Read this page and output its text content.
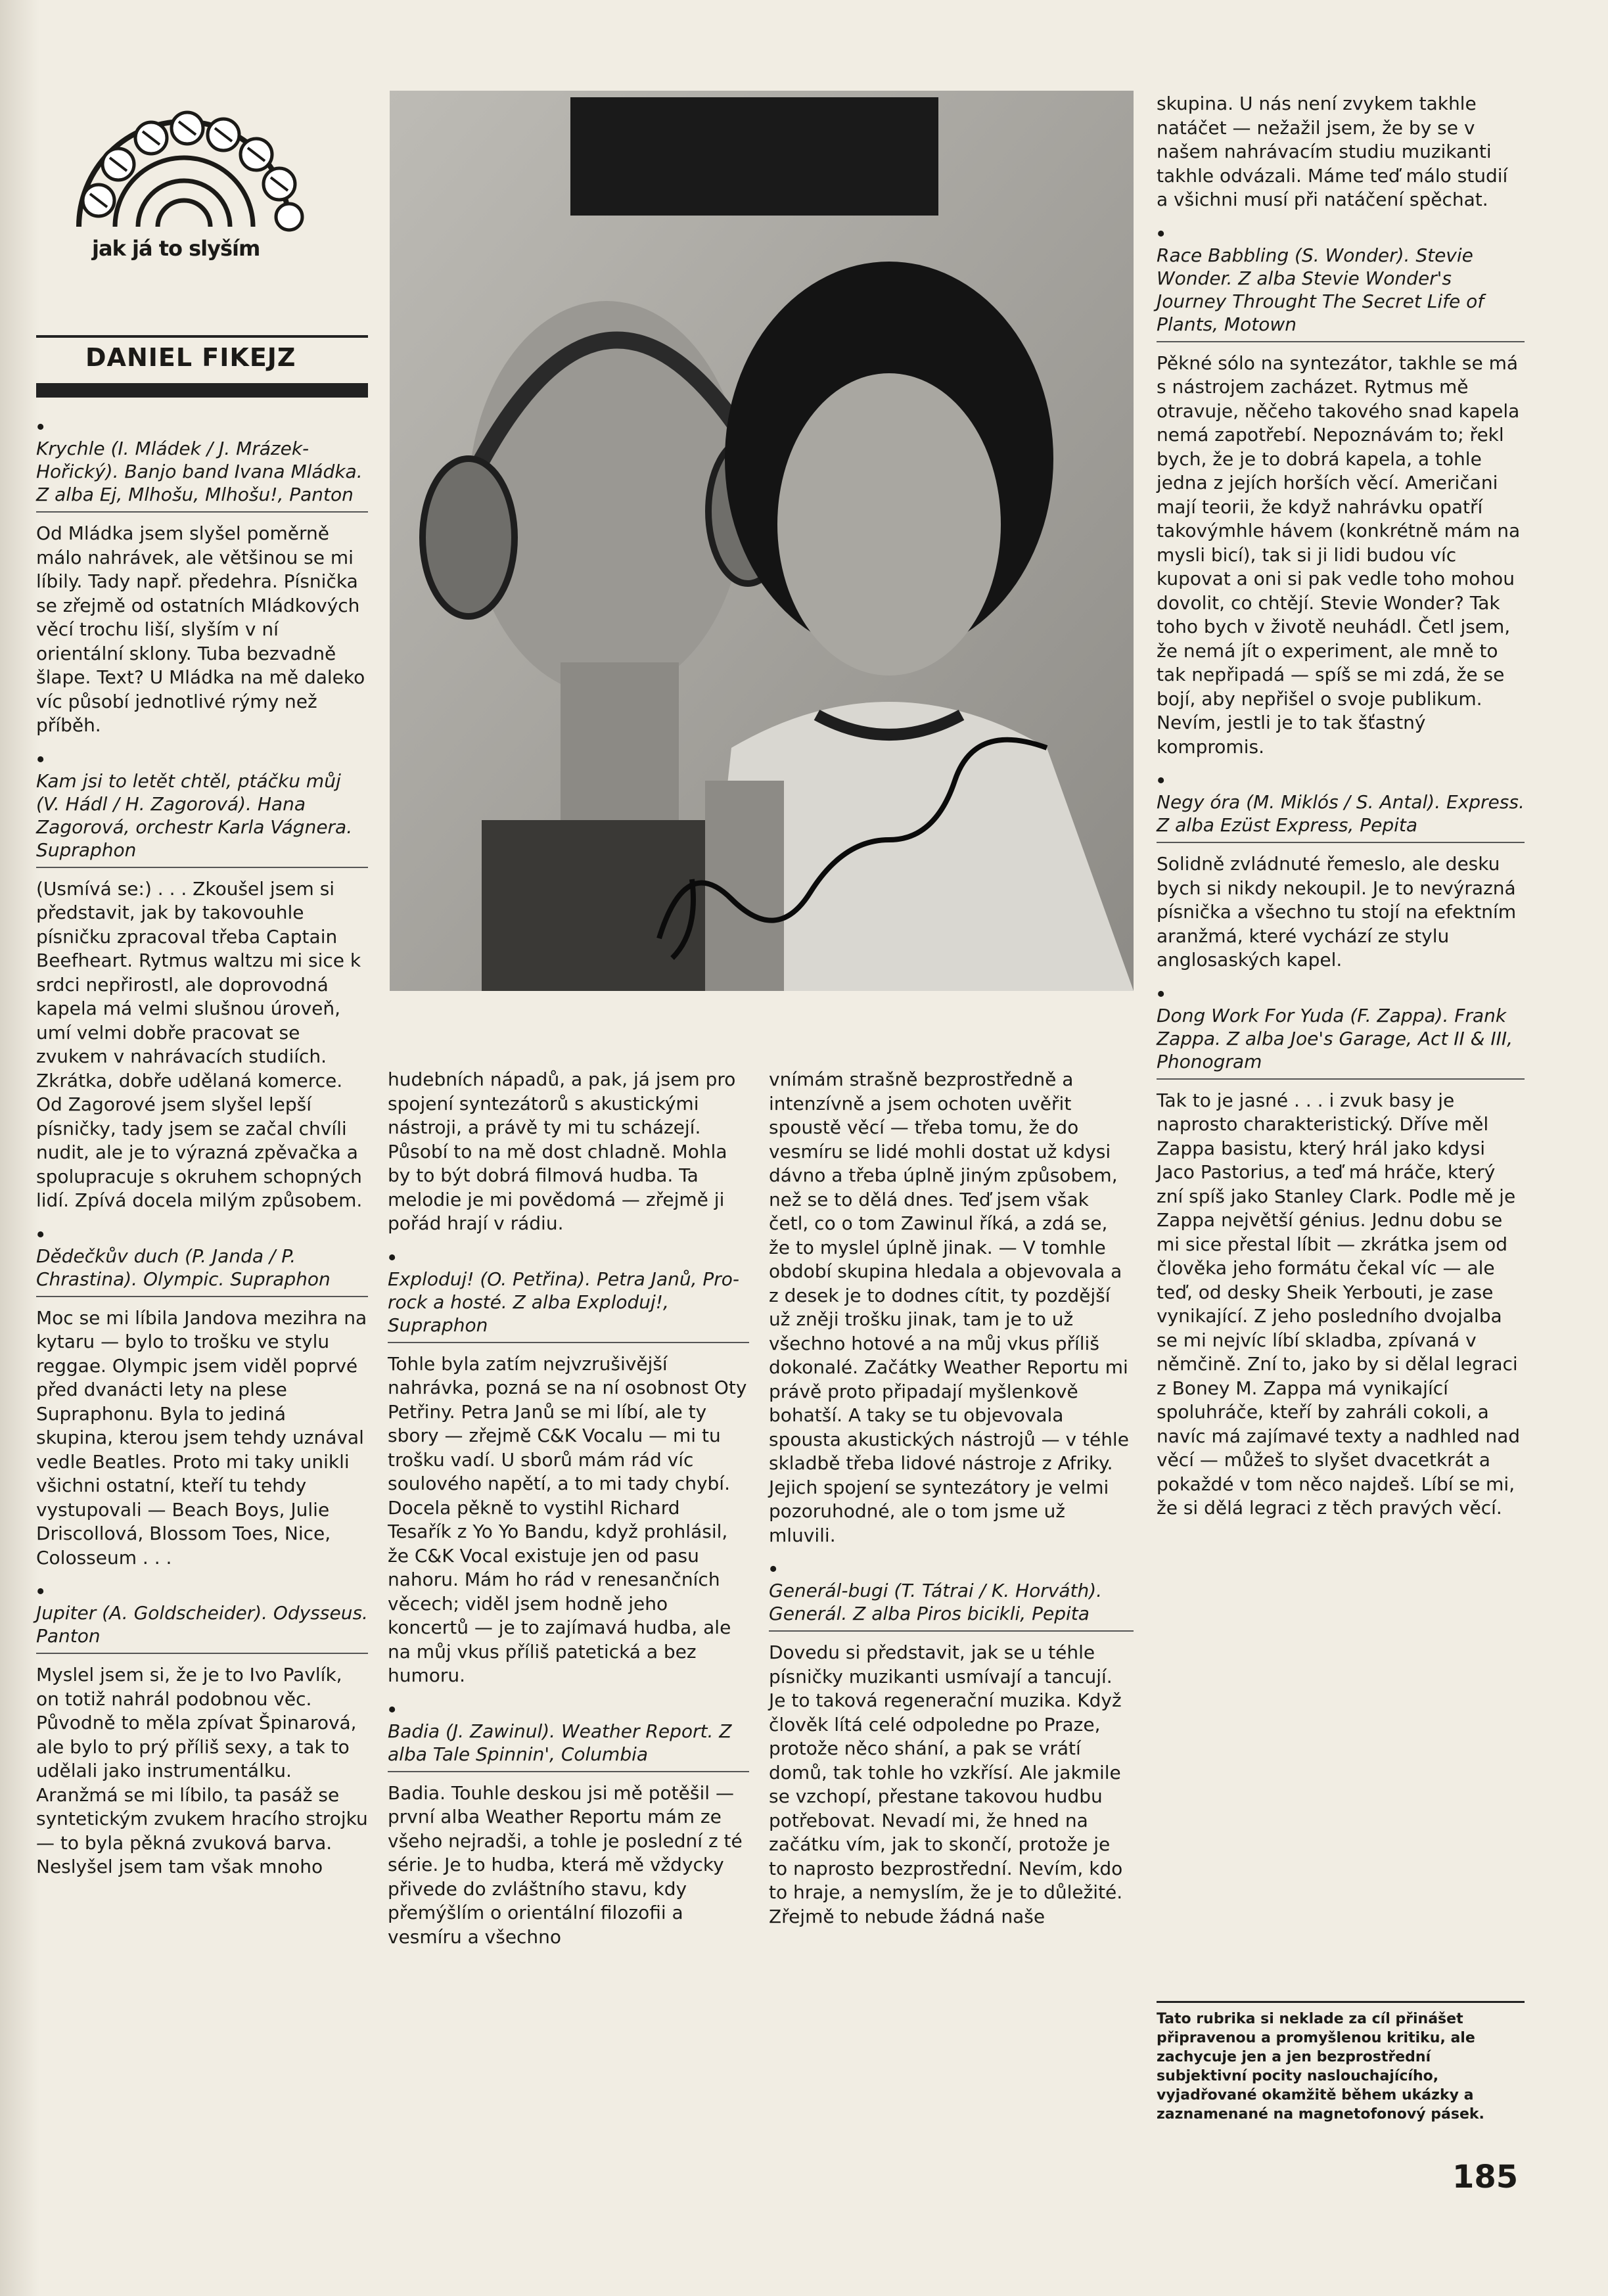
jak já to slyším
DANIEL FIKEJZ
•
Krychle (I. Mládek / J. Mrázek-Hořický). Banjo band Ivana Mládka. Z alba Ej, Mlhošu, Mlhošu!, Panton
Od Mládka jsem slyšel poměrně málo nahrávek, ale většinou se mi líbily. Tady např. předehra. Písnička se zřejmě od ostatních Mládkových věcí trochu liší, slyším v ní orientální sklony. Tuba bezvadně šlape. Text? U Mládka na mě daleko víc působí jednotlivé rýmy než příběh.
•
Kam jsi to letět chtěl, ptáčku můj (V. Hádl / H. Zagorová). Hana Zagorová, orchestr Karla Vágnera. Supraphon
(Usmívá se:) . . . Zkoušel jsem si představit, jak by takovouhle písničku zpracoval třeba Captain Beefheart. Rytmus waltzu mi sice k srdci nepřirostl, ale doprovodná kapela má velmi slušnou úroveň, umí velmi dobře pracovat se zvukem v nahrávacích studiích. Zkrátka, dobře udělaná komerce. Od Zagorové jsem slyšel lepší písničky, tady jsem se začal chvíli nudit, ale je to výrazná zpěvačka a spolupracuje s okruhem schopných lidí. Zpívá docela milým způsobem.
•
Dědečkův duch (P. Janda / P. Chrastina). Olympic. Supraphon
Moc se mi líbila Jandova mezihra na kytaru — bylo to trošku ve stylu reggae. Olympic jsem viděl poprvé před dvanácti lety na plese Supraphonu. Byla to jediná skupina, kterou jsem tehdy uznával vedle Beatles. Proto mi taky unikli všichni ostatní, kteří tu tehdy vystupovali — Beach Boys, Julie Driscollová, Blossom Toes, Nice, Colosseum . . .
•
Jupiter (A. Goldscheider). Odysseus. Panton
Myslel jsem si, že je to Ivo Pavlík, on totiž nahrál podobnou věc. Původně to měla zpívat Špinarová, ale bylo to prý příliš sexy, a tak to udělali jako instrumentálku. Aranžmá se mi líbilo, ta pasáž se syntetickým zvukem hracího strojku — to byla pěkná zvuková barva. Neslyšel jsem tam však mnoho
hudebních nápadů, a pak, já jsem pro spojení syntezátorů s akustickými nástroji, a právě ty mi tu scházejí. Působí to na mě dost chladně. Mohla by to být dobrá filmová hudba. Ta melodie je mi povědomá — zřejmě ji pořád hrají v rádiu.
•
Exploduj! (O. Petřina). Petra Janů, Pro-rock a hosté. Z alba Exploduj!, Supraphon
Tohle byla zatím nejvzrušivější nahrávka, pozná se na ní osobnost Oty Petřiny. Petra Janů se mi líbí, ale ty sbory — zřejmě C&K Vocalu — mi tu trošku vadí. U sborů mám rád víc soulového napětí, a to mi tady chybí. Docela pěkně to vystihl Richard Tesařík z Yo Yo Bandu, když prohlásil, že C&K Vocal existuje jen od pasu nahoru. Mám ho rád v renesančních věcech; viděl jsem hodně jeho koncertů — je to zajímavá hudba, ale na můj vkus příliš patetická a bez humoru.
•
Badia (J. Zawinul). Weather Report. Z alba Tale Spinnin', Columbia
Badia. Touhle deskou jsi mě potěšil — první alba Weather Reportu mám ze všeho nejradši, a tohle je poslední z té série. Je to hudba, která mě vždycky přivede do zvláštního stavu, kdy přemýšlím o orientální filozofii a vesmíru a všechno
vnímám strašně bezprostředně a intenzívně a jsem ochoten uvěřit spoustě věcí — třeba tomu, že do vesmíru se lidé mohli dostat už kdysi dávno a třeba úplně jiným způsobem, než se to dělá dnes. Teď jsem však četl, co o tom Zawinul říká, a zdá se, že to myslel úplně jinak. — V tomhle období skupina hledala a objevovala a z desek je to dodnes cítit, ty pozdější už zněji trošku jinak, tam je to už všechno hotové a na můj vkus příliš dokonalé. Začátky Weather Reportu mi právě proto připadají myšlenkově bohatší. A taky se tu objevovala spousta akustických nástrojů — v téhle skladbě třeba lidové nástroje z Afriky. Jejich spojení se syntezátory je velmi pozoruhodné, ale o tom jsme už mluvili.
•
Generál-bugi (T. Tátrai / K. Horváth). Generál. Z alba Piros bicikli, Pepita
Dovedu si představit, jak se u téhle písničky muzikanti usmívají a tancují. Je to taková regenerační muzika. Když člověk lítá celé odpoledne po Praze, protože něco shání, a pak se vrátí domů, tak tohle ho vzkřísí. Ale jakmile se vzchopí, přestane takovou hudbu potřebovat. Nevadí mi, že hned na začátku vím, jak to skončí, protože je to naprosto bezprostřední. Nevím, kdo to hraje, a nemyslím, že je to důležité. Zřejmě to nebude žádná naše
skupina. U nás není zvykem takhle natáčet — nežažil jsem, že by se v našem nahrávacím studiu muzikanti takhle odvázali. Máme teď málo studií a všichni musí při natáčení spěchat.
•
Race Babbling (S. Wonder). Stevie Wonder. Z alba Stevie Wonder's Journey Throught The Secret Life of Plants, Motown
Pěkné sólo na syntezátor, takhle se má s nástrojem zacházet. Rytmus mě otravuje, něčeho takového snad kapela nemá zapotřebí. Nepoznávám to; řekl bych, že je to dobrá kapela, a tohle jedna z jejích horších věcí. Američani mají teorii, že když nahrávku opatří takovýmhle hávem (konkrétně mám na mysli bicí), tak si ji lidi budou víc kupovat a oni si pak vedle toho mohou dovolit, co chtějí. Stevie Wonder? Tak toho bych v životě neuhádl. Četl jsem, že nemá jít o experiment, ale mně to tak nepřipadá — spíš se mi zdá, že se bojí, aby nepřišel o svoje publikum. Nevím, jestli je to tak šťastný kompromis.
•
Negy óra (M. Miklós / S. Antal). Express. Z alba Ezüst Express, Pepita
Solidně zvládnuté řemeslo, ale desku bych si nikdy nekoupil. Je to nevýrazná písnička a všechno tu stojí na efektním aranžmá, které vychází ze stylu anglosaských kapel.
•
Dong Work For Yuda (F. Zappa). Frank Zappa. Z alba Joe's Garage, Act II & III, Phonogram
Tak to je jasné . . . i zvuk basy je naprosto charakteristický. Dříve měl Zappa basistu, který hrál jako kdysi Jaco Pastorius, a teď má hráče, který zní spíš jako Stanley Clark. Podle mě je Zappa největší génius. Jednu dobu se mi sice přestal líbit — zkrátka jsem od člověka jeho formátu čekal víc — ale teď, od desky Sheik Yerbouti, je zase vynikající. Z jeho posledního dvojalba se mi nejvíc líbí skladba, zpívaná v němčině. Zní to, jako by si dělal legraci z Boney M. Zappa má vynikající spoluhráče, kteří by zahráli cokoli, a navíc má zajímavé texty a nadhled nad věcí — můžeš to slyšet dvacetkrát a pokaždé v tom něco najdeš. Líbí se mi, že si dělá legraci z těch pravých věcí.
Tato rubrika si neklade za cíl přinášet připravenou a promyšlenou kritiku, ale zachycuje jen a jen bezprostřední subjektivní pocity naslouchajícího, vyjadřované okamžitě během ukázky a zaznamenané na magnetofonový pásek.
185
